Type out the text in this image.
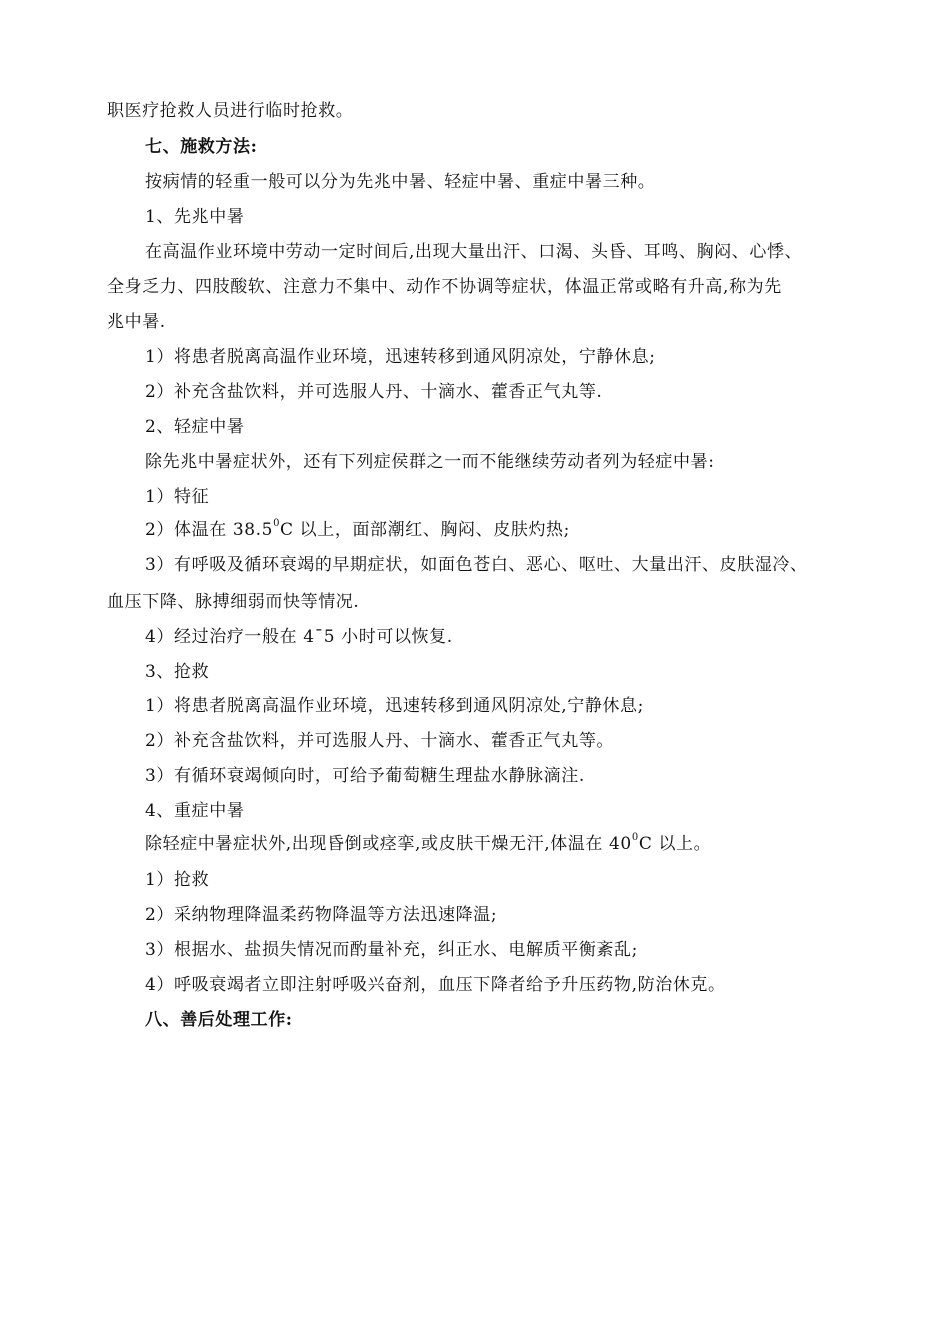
职医疗抢救人员进行临时抢救。
七、施救方法:
按病情的轻重一般可以分为先兆中暑、轻症中暑、重症中暑三种。
1、先兆中暑
在高温作业环境中劳动一定时间后,出现大量出汗、口渴、头昏、耳鸣、胸闷、心悸、
全身乏力、四肢酸软、注意力不集中、动作不协调等症状，体温正常或略有升高,称为先
兆中暑.
1）将患者脱离高温作业环境，迅速转移到通风阴凉处，宁静休息;
2）补充含盐饮料，并可选服人丹、十滴水、藿香正气丸等.
2、轻症中暑
除先兆中暑症状外，还有下列症侯群之一而不能继续劳动者列为轻症中暑:
1）特征
2）体温在 38.5$^0$C 以上，面部潮红、胸闷、皮肤灼热;
3）有呼吸及循环衰竭的早期症状，如面色苍白、恶心、呕吐、大量出汗、皮肤湿冷、
血压下降、脉搏细弱而快等情况.
4）经过治疗一般在 4¯5 小时可以恢复.
3、抢救
1）将患者脱离高温作业环境，迅速转移到通风阴凉处,宁静休息;
2）补充含盐饮料，并可选服人丹、十滴水、藿香正气丸等。
3）有循环衰竭倾向时，可给予葡萄糖生理盐水静脉滴注.
4、重症中暑
除轻症中暑症状外,出现昏倒或痉挛,或皮肤干燥无汗,体温在 $40^0C$ 以上。
1）抢救
2）采纳物理降温柔药物降温等方法迅速降温;
3）根据水、盐损失情况而酌量补充，纠正水、电解质平衡紊乱;
4）呼吸衰竭者立即注射呼吸兴奋剂，血压下降者给予升压药物,防治休克。
八、善后处理工作:
